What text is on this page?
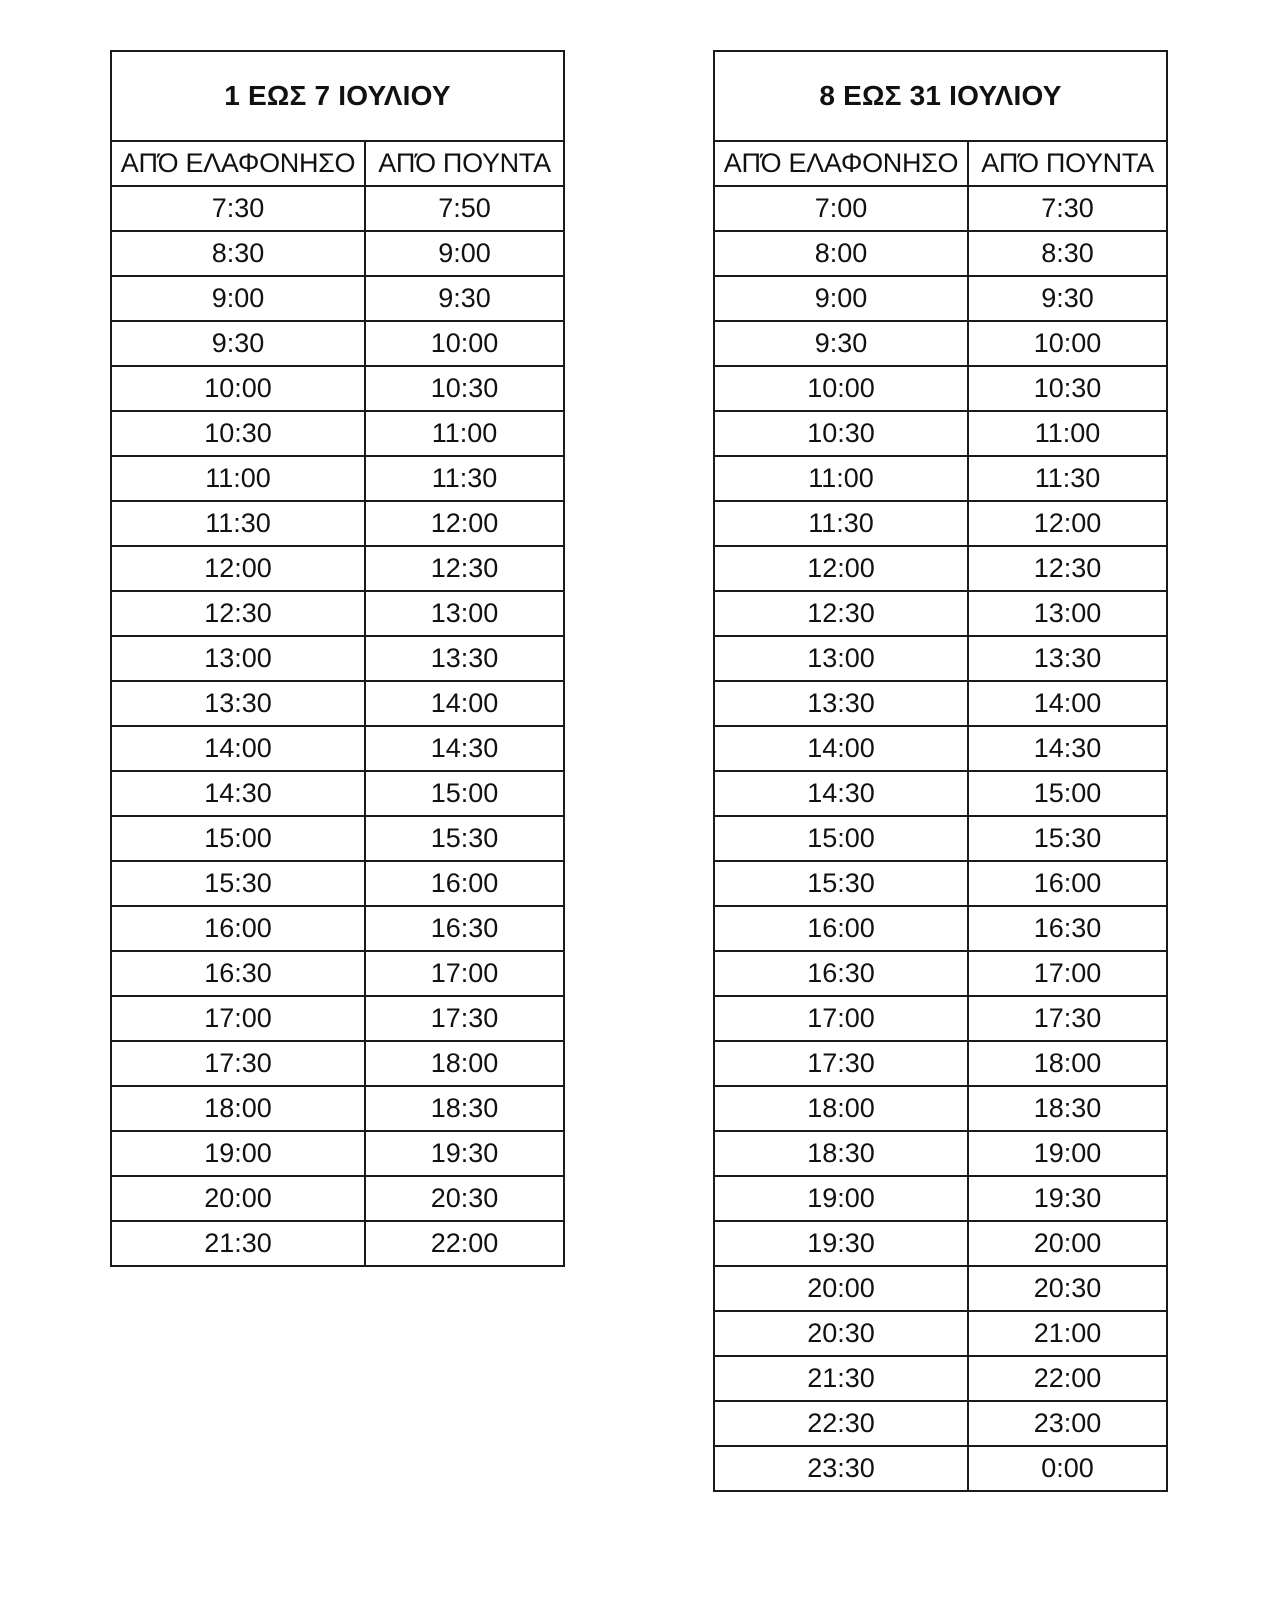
1 ΕΩΣ 7 ΙΟΥΛΙΟΥ	
ΑΠΌ ΕΛΑΦΟΝΗΣΟ	ΑΠΌ ΠΟΥΝΤΑ
7:30	7:50
8:30	9:00
9:00	9:30
9:30	10:00
10:00	10:30
10:30	11:00
11:00	11:30
11:30	12:00
12:00	12:30
12:30	13:00
13:00	13:30
13:30	14:00
14:00	14:30
14:30	15:00
15:00	15:30
15:30	16:00
16:00	16:30
16:30	17:00
17:00	17:30
17:30	18:00
18:00	18:30
19:00	19:30
20:00	20:30
21:30	22:00
8 ΕΩΣ 31 ΙΟΥΛΙΟΥ	
ΑΠΌ ΕΛΑΦΟΝΗΣΟ	ΑΠΌ ΠΟΥΝΤΑ
7:00	7:30
8:00	8:30
9:00	9:30
9:30	10:00
10:00	10:30
10:30	11:00
11:00	11:30
11:30	12:00
12:00	12:30
12:30	13:00
13:00	13:30
13:30	14:00
14:00	14:30
14:30	15:00
15:00	15:30
15:30	16:00
16:00	16:30
16:30	17:00
17:00	17:30
17:30	18:00
18:00	18:30
18:30	19:00
19:00	19:30
19:30	20:00
20:00	20:30
20:30	21:00
21:30	22:00
22:30	23:00
23:30	0:00
